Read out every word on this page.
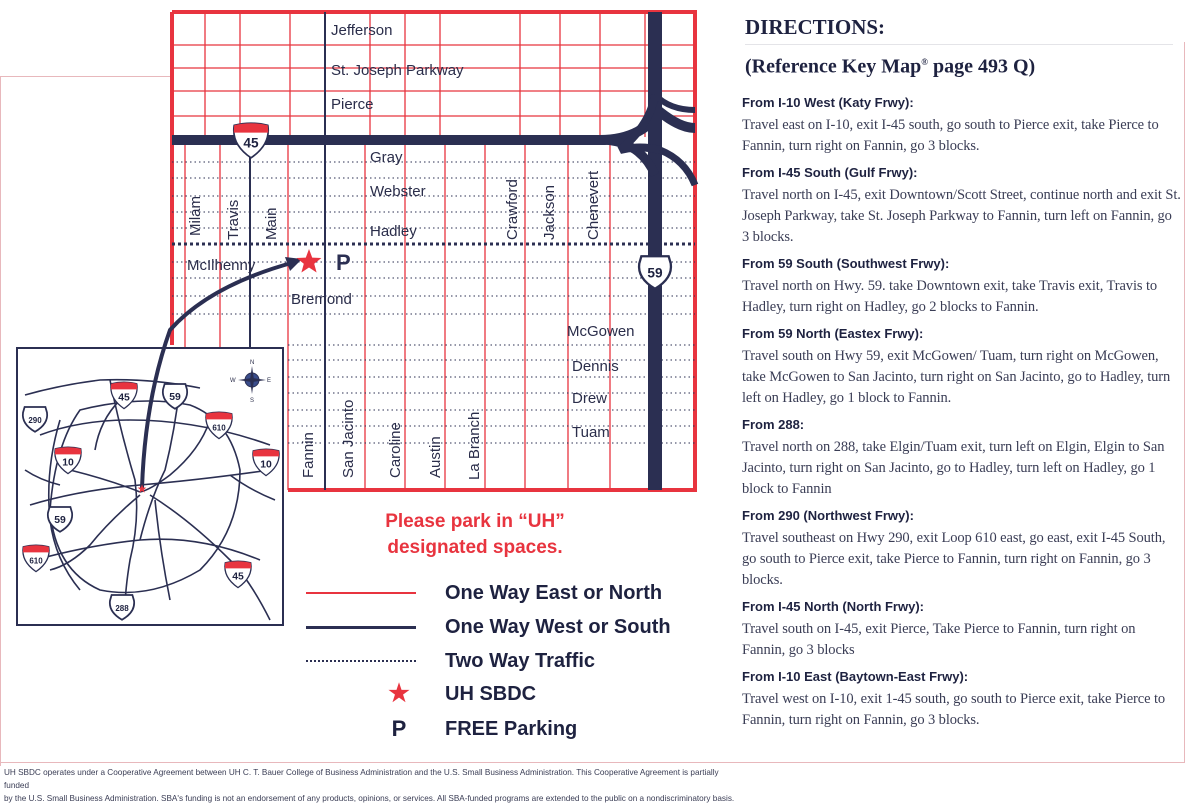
Jefferson
St. Joseph Parkway
Pierce
Gray
Webster
Hadley
McIlhenny
Bremond
McGowen
Dennis
Drew
Tuam
Milam Travis Main
Fannin San Jacinto Caroline Austin La Branch
Crawford Jackson Chenevert
N
S
E
W
45
59
290
45	59
610
10	10
59
610
45
288
P
Please park in “UH”
designated spaces.
One Way East or North
One Way West or South
Two Way Traffic
★ UH SBDC
P	FREE Parking
DIRECTIONS:
(Reference Key Map® page 493 Q)
From I-10 West (Katy Frwy):
Travel east on I-10, exit I-45 south, go south to Pierce exit, take Pierce to Fannin, turn right on Fannin, go 3 blocks.
From I-45 South (Gulf Frwy):
Travel north on I-45, exit Downtown/Scott Street, continue north and exit St. Joseph Parkway, take St. Joseph Parkway to Fannin, turn left on Fannin, go 3 blocks.
From 59 South (Southwest Frwy):
Travel north on Hwy. 59. take Downtown exit, take Travis exit, Travis to Hadley, turn right on Hadley, go 2 blocks to Fannin.
From 59 North (Eastex Frwy):
Travel south on Hwy 59, exit McGowen/ Tuam, turn right on McGowen, take McGowen to San Jacinto, turn right on San Jacinto, go to Hadley, turn left on Hadley, go 1 block to Fannin.
From 288:
Travel north on 288, take Elgin/Tuam exit, turn left on Elgin, Elgin to San Jacinto, turn right on San Jacinto, go to Hadley, turn left on Hadley, go 1 block to Fannin
From 290 (Northwest Frwy):
Travel southeast on Hwy 290, exit Loop 610 east, go east, exit I-45 South, go south to Pierce exit, take Pierce to Fannin, turn right on Fannin, go 3 blocks.
From I-45 North (North Frwy):
Travel south on I-45, exit Pierce, Take Pierce to Fannin, turn right on Fannin, go 3 blocks
From I-10 East (Baytown-East Frwy):
Travel west on I-10, exit 1-45 south, go south to Pierce exit, take Pierce to Fannin, turn right on Fannin, go 3 blocks.
UH SBDC operates under a Cooperative Agreement between UH C. T. Bauer College of Business Administration and the U.S. Small Business Administration. This Cooperative Agreement is partially funded
by the U.S. Small Business Administration. SBA's funding is not an endorsement of any products, opinions, or services. All SBA-funded programs are extended to the public on a nondiscriminatory basis.
